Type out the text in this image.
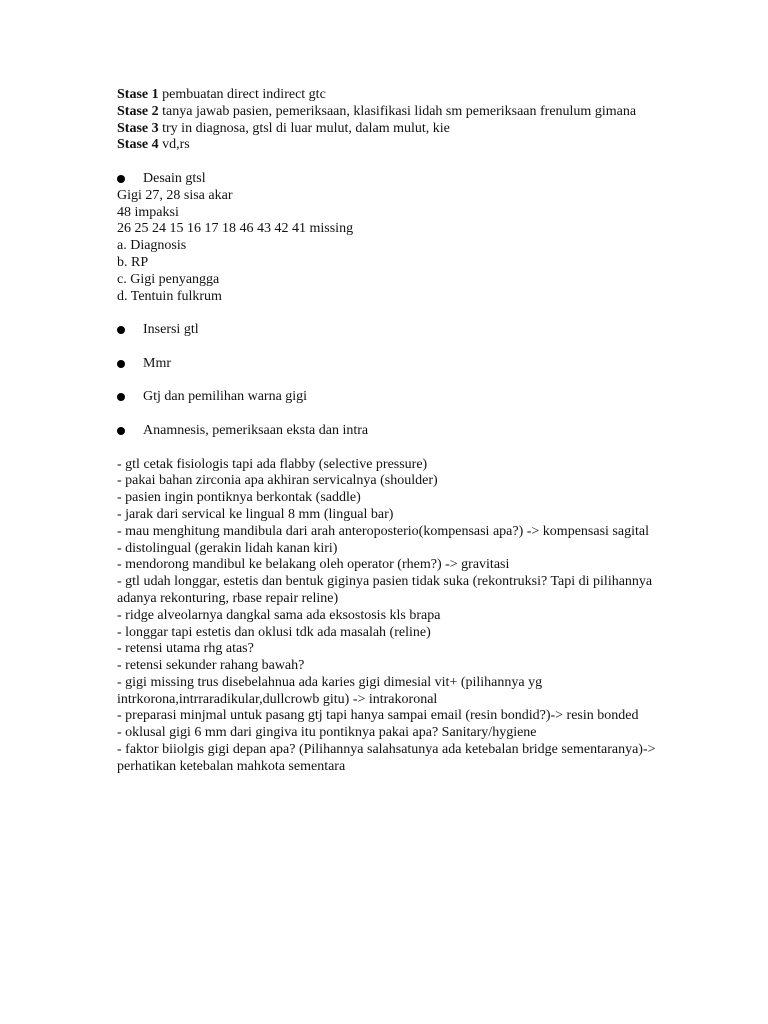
Stase 1 pembuatan direct indirect gtc
Stase 2 tanya jawab pasien, pemeriksaan, klasifikasi lidah sm pemeriksaan frenulum gimana
Stase 3 try in diagnosa, gtsl di luar mulut, dalam mulut, kie
Stase 4 vd,rs
Desain gtsl
Gigi 27, 28 sisa akar
48 impaksi
26 25 24 15 16 17 18 46 43 42 41 missing
a. Diagnosis
b. RP
c. Gigi penyangga
d. Tentuin fulkrum
Insersi gtl
Mmr
Gtj dan pemilihan warna gigi
Anamnesis, pemeriksaan eksta dan intra
- gtl cetak fisiologis tapi ada flabby (selective pressure)
- pakai bahan zirconia apa akhiran servicalnya (shoulder)
- pasien ingin pontiknya berkontak (saddle)
- jarak dari servical ke lingual 8 mm (lingual bar)
- mau menghitung mandibula dari arah anteroposterio(kompensasi apa?) -> kompensasi sagital
- distolingual (gerakin lidah kanan kiri)
- mendorong mandibul ke belakang oleh operator (rhem?) -> gravitasi
- gtl udah longgar, estetis dan bentuk giginya pasien tidak suka (rekontruksi? Tapi di pilihannya adanya rekonturing, rbase repair reline)
- ridge alveolarnya dangkal sama ada eksostosis kls brapa
- longgar tapi estetis dan oklusi tdk ada masalah (reline)
- retensi utama rhg atas?
- retensi sekunder rahang bawah?
- gigi missing trus disebelahnua ada karies gigi dimesial vit+ (pilihannya yg intrkorona,intrraradikular,dullcrowb gitu) -> intrakoronal
- preparasi minjmal untuk pasang gtj tapi hanya sampai email (resin bondid?)-> resin bonded
- oklusal gigi 6 mm dari gingiva itu pontiknya pakai apa? Sanitary/hygiene
- faktor biiolgis gigi depan apa? (Pilihannya salahsatunya ada ketebalan bridge sementaranya)-> perhatikan ketebalan mahkota sementara
